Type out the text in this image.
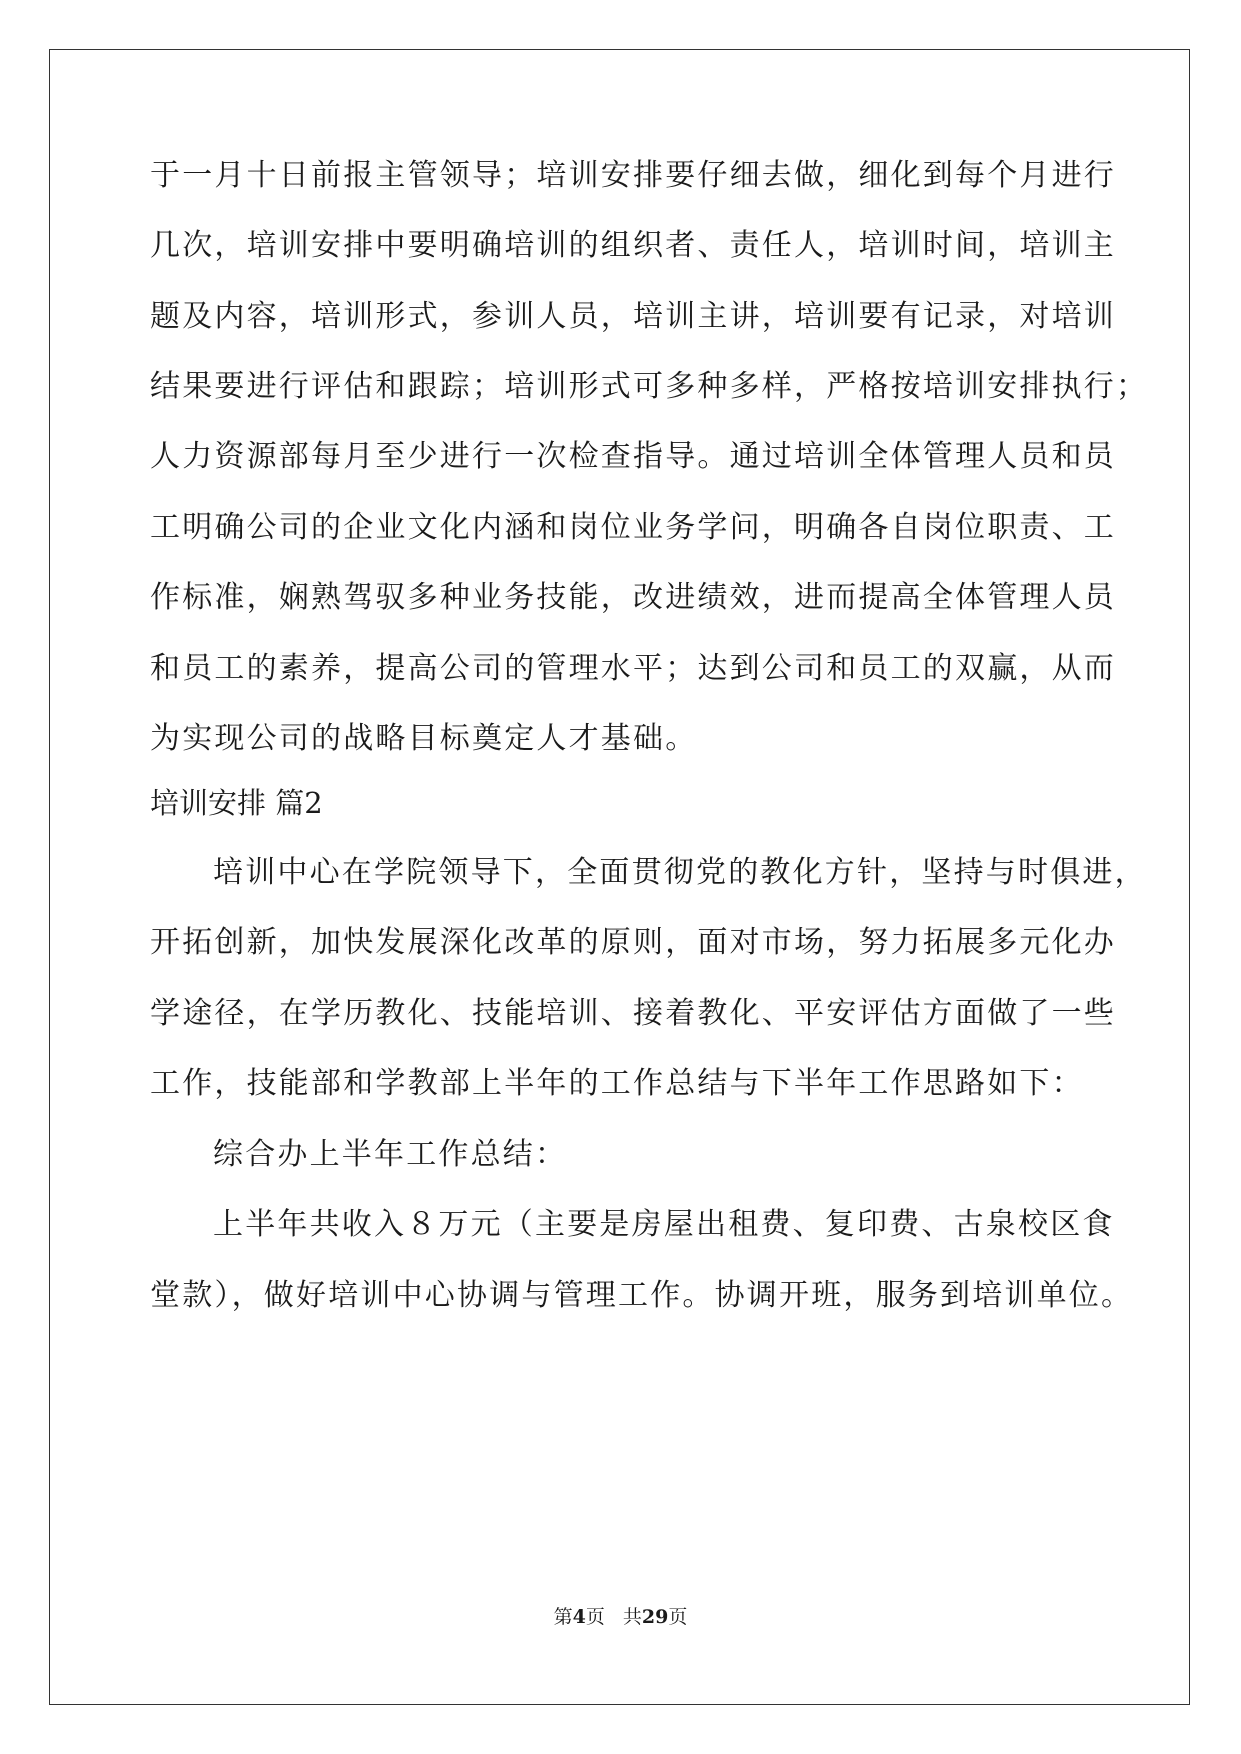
于一月十日前报主管领导；培训安排要仔细去做，细化到每个月进行
几次，培训安排中要明确培训的组织者、责任人，培训时间，培训主
题及内容，培训形式，参训人员，培训主讲，培训要有记录，对培训
结果要进行评估和跟踪；培训形式可多种多样，严格按培训安排执行；
人力资源部每月至少进行一次检查指导。通过培训全体管理人员和员
工明确公司的企业文化内涵和岗位业务学问，明确各自岗位职责、工
作标准，娴熟驾驭多种业务技能，改进绩效，进而提高全体管理人员
和员工的素养，提高公司的管理水平；达到公司和员工的双赢，从而
为实现公司的战略目标奠定人才基础。
培训安排 篇2
培训中心在学院领导下，全面贯彻党的教化方针，坚持与时俱进，
开拓创新，加快发展深化改革的原则，面对市场，努力拓展多元化办
学途径，在学历教化、技能培训、接着教化、平安评估方面做了一些
工作，技能部和学教部上半年的工作总结与下半年工作思路如下：
综合办上半年工作总结：
上半年共收入８万元（主要是房屋出租费、复印费、古泉校区食
堂款），做好培训中心协调与管理工作。协调开班，服务到培训单位。
第4页 共29页
